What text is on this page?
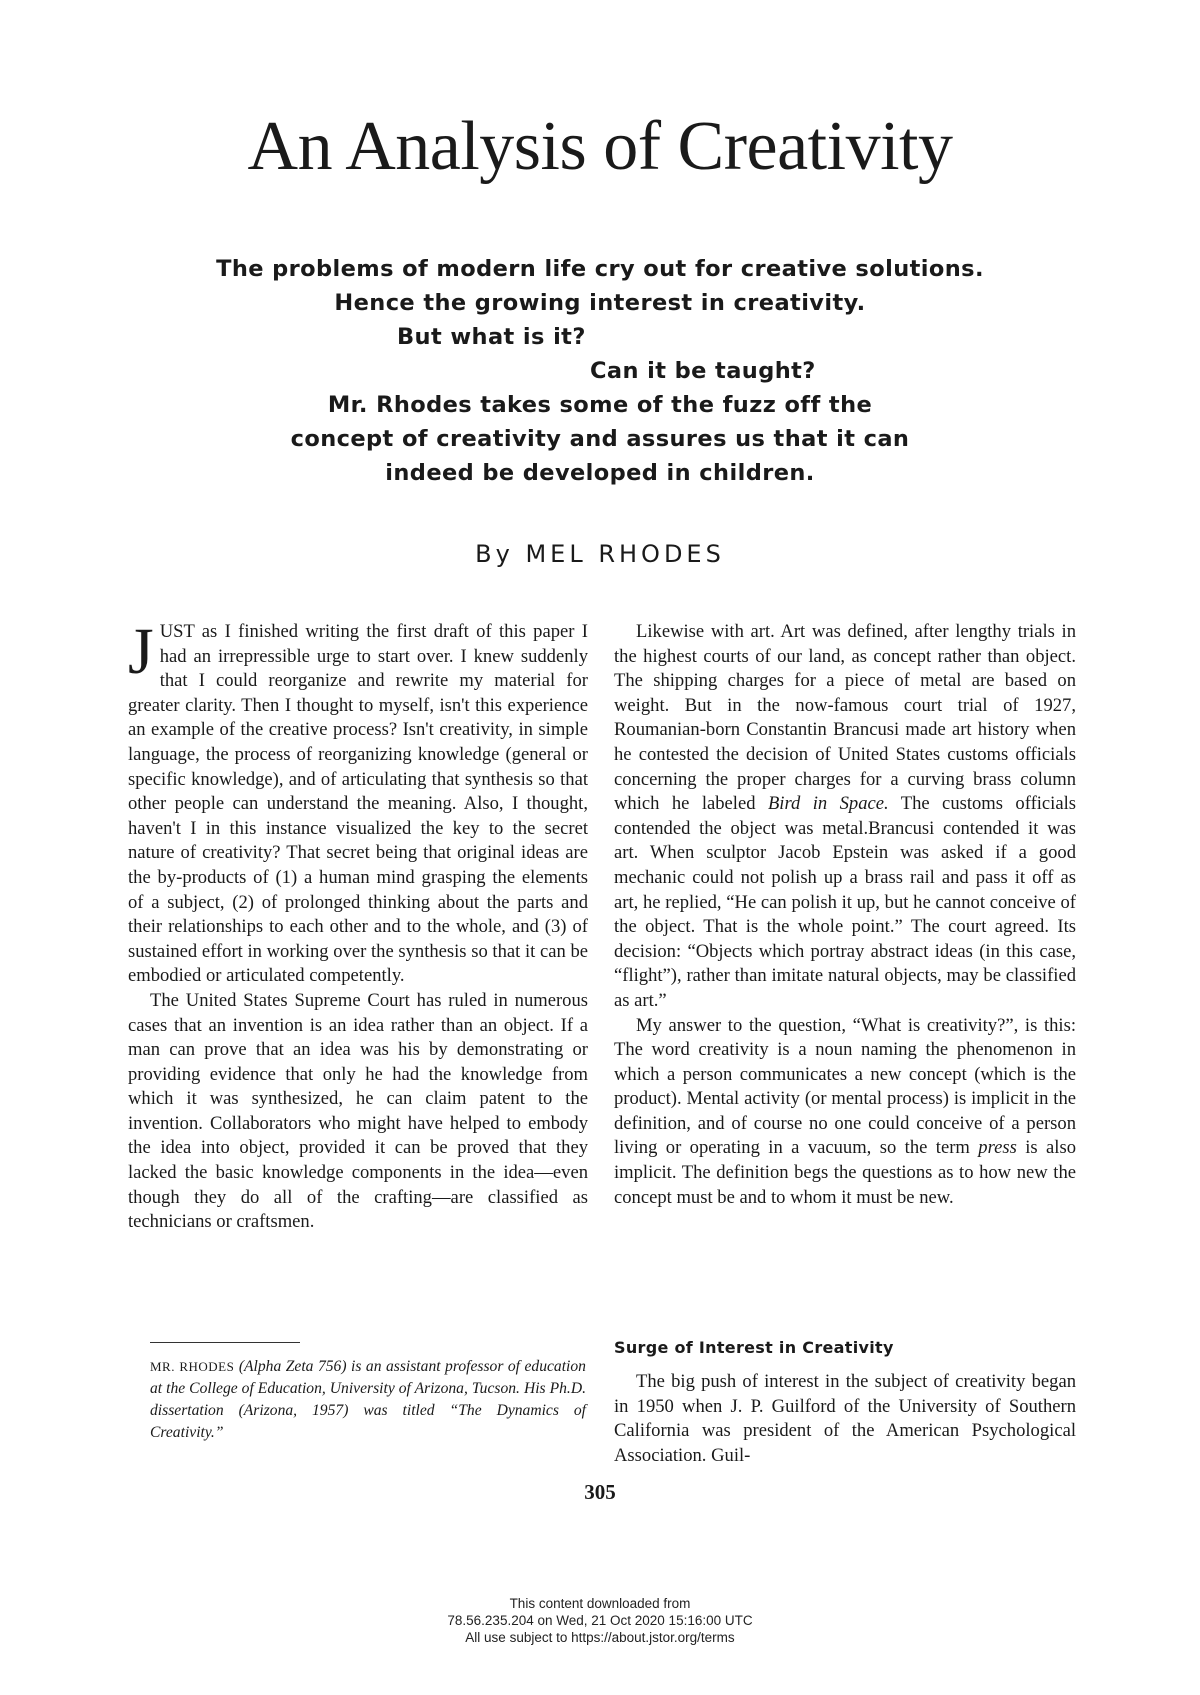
An Analysis of Creativity
The problems of modern life cry out for creative solutions.
Hence the growing interest in creativity.
But what is it?
Can it be taught?
Mr. Rhodes takes some of the fuzz off the
concept of creativity and assures us that it can
indeed be developed in children.
By MEL RHODES

JUST as I finished writing the first draft of this paper I had an irrepressible urge to start over. I knew suddenly that I could reorganize and rewrite my material for greater clarity. Then I thought to myself, isn't this experience an example of the creative process? Isn't creativity, in simple language, the process of reorganizing knowledge (general or specific knowledge), and of articulating that synthesis so that other people can understand the meaning. Also, I thought, haven't I in this instance visualized the key to the secret nature of creativity? That secret being that original ideas are the by-products of (1) a human mind grasping the elements of a subject, (2) of prolonged thinking about the parts and their relationships to each other and to the whole, and (3) of sustained effort in working over the synthesis so that it can be embodied or articulated competently.

The United States Supreme Court has ruled in numerous cases that an invention is an idea rather than an object. If a man can prove that an idea was his by demonstrating or providing evidence that only he had the knowledge from which it was synthesized, he can claim patent to the invention. Collaborators who might have helped to embody the idea into object, provided it can be proved that they lacked the basic knowledge components in the idea—even though they do all of the crafting—are classified as technicians or craftsmen.

MR. RHODES (Alpha Zeta 756) is an assistant professor of education at the College of Education, University of Arizona, Tucson. His Ph.D. dissertation (Arizona, 1957) was titled “The Dynamics of Creativity.”

Likewise with art. Art was defined, after lengthy trials in the highest courts of our land, as concept rather than object. The shipping charges for a piece of metal are based on weight. But in the now-famous court trial of 1927, Roumanian-born Constantin Brancusi made art history when he contested the decision of United States customs officials concerning the proper charges for a curving brass column which he labeled Bird in Space. The customs officials contended the object was metal.Brancusi contended it was art. When sculptor Jacob Epstein was asked if a good mechanic could not polish up a brass rail and pass it off as art, he replied, “He can polish it up, but he cannot conceive of the object. That is the whole point.” The court agreed. Its decision: “Objects which portray abstract ideas (in this case, “flight”), rather than imitate natural objects, may be classified as art.”

My answer to the question, “What is creativity?”, is this: The word creativity is a noun naming the phenomenon in which a person communicates a new concept (which is the product). Mental activity (or mental process) is implicit in the definition, and of course no one could conceive of a person living or operating in a vacuum, so the term press is also implicit. The definition begs the questions as to how new the concept must be and to whom it must be new.

Surge of Interest in Creativity

The big push of interest in the subject of creativity began in 1950 when J. P. Guilford of the University of Southern California was president of the American Psychological Association. Guil-

305
This content downloaded from
78.56.235.204 on Wed, 21 Oct 2020 15:16:00 UTC
All use subject to https://about.jstor.org/terms
